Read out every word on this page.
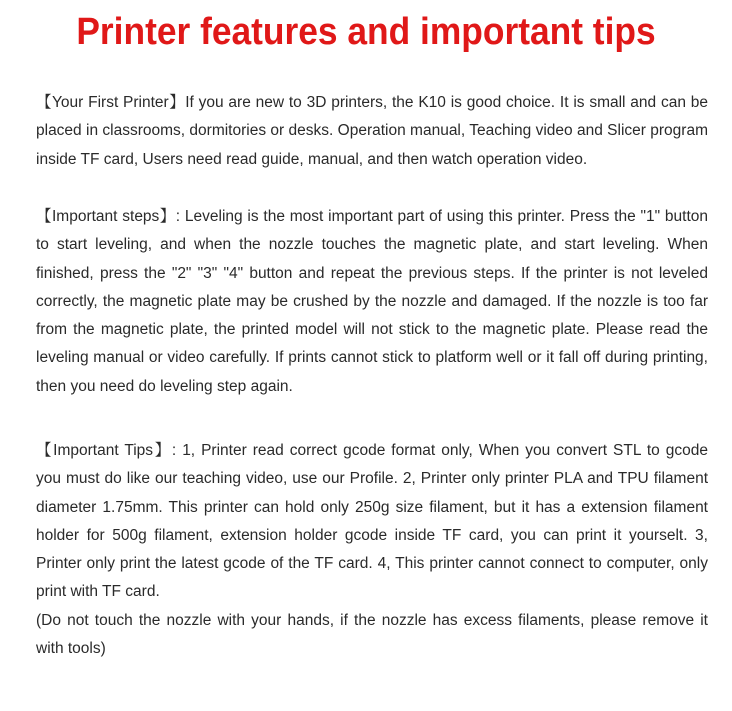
Printer features and important tips

【Your First Printer】If you are new to 3D printers, the K10 is good choice. It is small and can be placed in classrooms, dormitories or desks. Operation manual, Teaching video and Slicer program inside TF card, Users need read guide, manual, and then watch operation video.

【Important steps】: Leveling is the most important part of using this printer. Press the "1" button to start leveling, and when the nozzle touches the magnetic plate, and start leveling. When finished, press the "2" "3" "4" button and repeat the previous steps. If the printer is not leveled correctly, the magnetic plate may be crushed by the nozzle and damaged. If the nozzle is too far from the magnetic plate, the printed model will not stick to the magnetic plate. Please read the leveling manual or video carefully. If prints cannot stick to platform well or it fall off during printing, then you need do leveling step again.

【Important Tips】: 1, Printer read correct gcode format only, When you convert STL to gcode you must do like our teaching video, use our Profile. 2, Printer only printer PLA and TPU filament diameter 1.75mm. This printer can hold only 250g size filament, but it has a extension filament holder for 500g filament, extension holder gcode inside TF card, you can print it yourselt. 3, Printer only print the latest gcode of the TF card. 4, This printer cannot connect to computer, only print with TF card.

(Do not touch the nozzle with your hands, if the nozzle has excess filaments, please remove it with tools)
